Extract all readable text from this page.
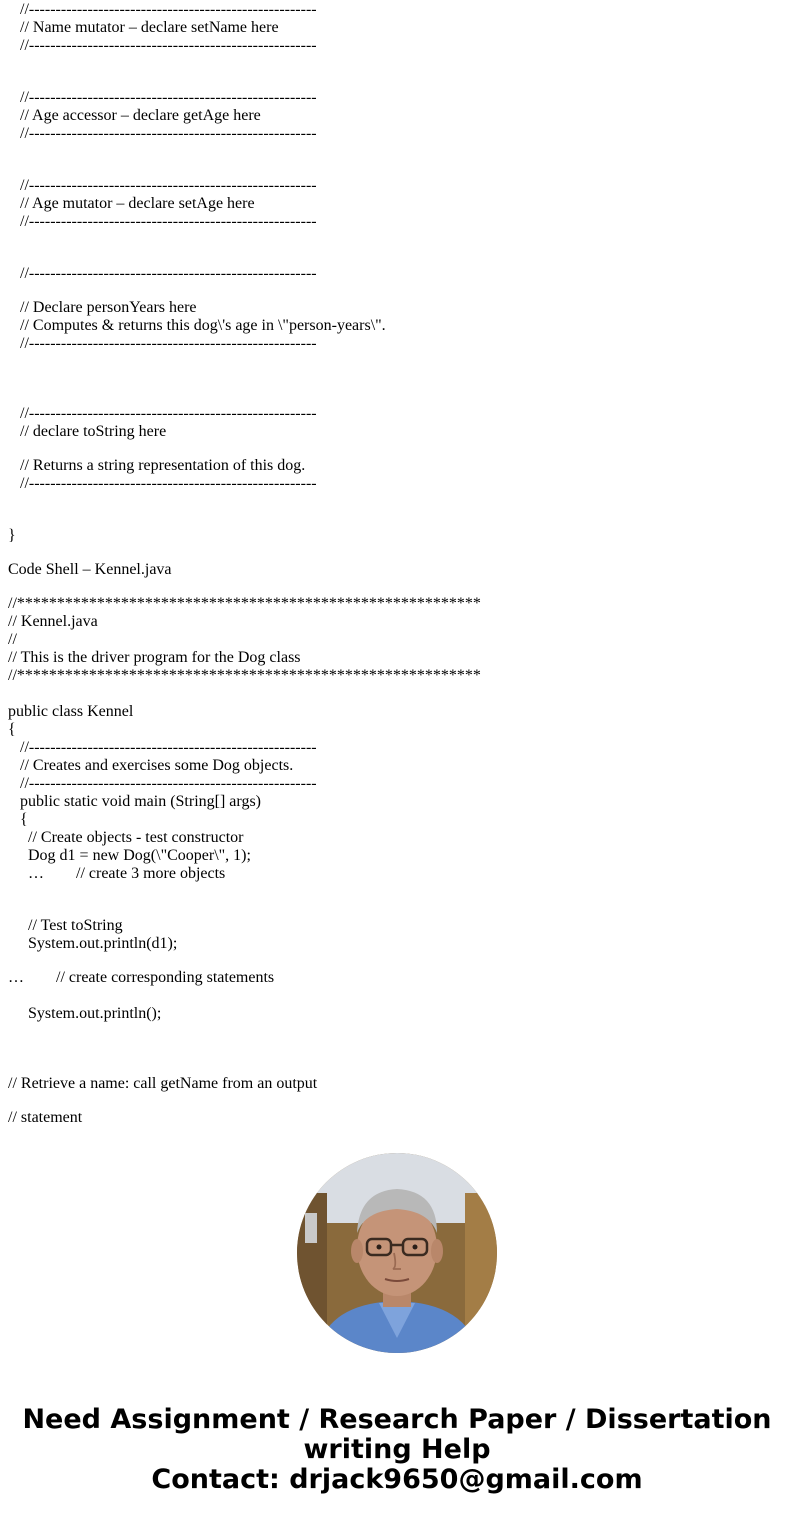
//------------------------------------------------------
// Name mutator – declare setName here
//------------------------------------------------------
//------------------------------------------------------
// Age accessor – declare getAge here
//------------------------------------------------------
//------------------------------------------------------
// Age mutator – declare setAge here
//------------------------------------------------------
//------------------------------------------------------
// Declare personYears here
// Computes & returns this dog\'s age in \"person-years\".
//------------------------------------------------------
//------------------------------------------------------
// declare toString here
// Returns a string representation of this dog.
//------------------------------------------------------
}
Code Shell – Kennel.java
//**********************************************************
// Kennel.java
//
// This is the driver program for the Dog class
//**********************************************************
public class Kennel
{
//------------------------------------------------------
// Creates and exercises some Dog objects.
//------------------------------------------------------
public static void main (String[] args)
{
// Create objects - test constructor
Dog d1 = new Dog(\"Cooper\", 1);
…        // create 3 more objects
// Test toString
System.out.println(d1);
…        // create corresponding statements
System.out.println();
// Retrieve a name: call getName from an output
// statement
Need Assignment / Research Paper / Dissertation
writing Help
Contact: drjack9650@gmail.com
